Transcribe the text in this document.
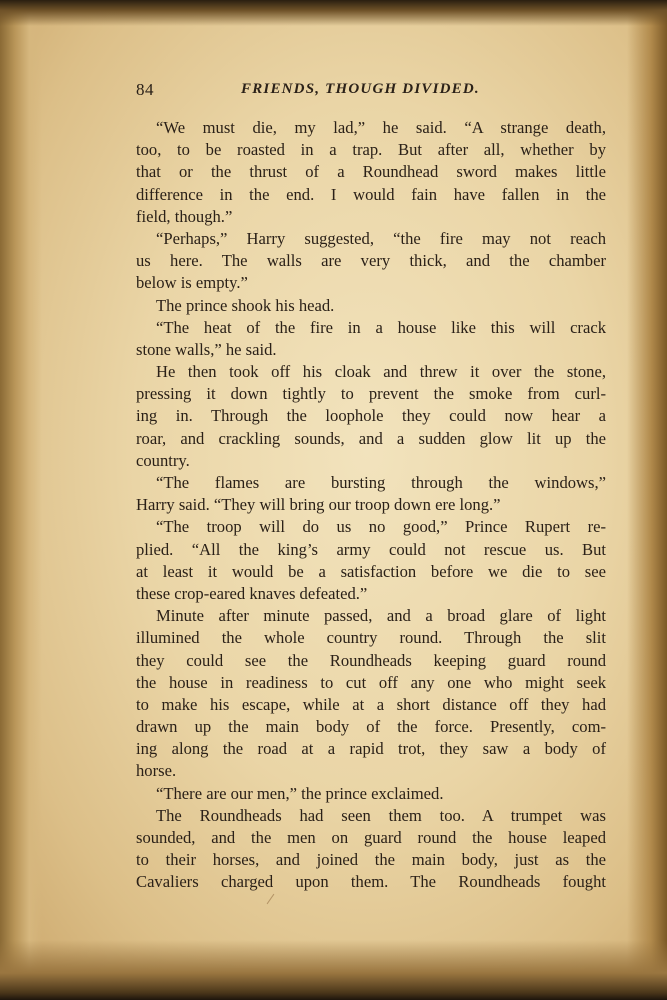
84	FRIENDS, THOUGH DIVIDED.
“We must die, my lad,” he said. “A strange death,
too, to be roasted in a trap. But after all, whether by
that or the thrust of a Roundhead sword makes little
difference in the end. I would fain have fallen in the
field, though.”
“Perhaps,” Harry suggested, “the fire may not reach
us here. The walls are very thick, and the chamber
below is empty.”
The prince shook his head.
“The heat of the fire in a house like this will crack
stone walls,” he said.
He then took off his cloak and threw it over the stone,
pressing it down tightly to prevent the smoke from curl-
ing in. Through the loophole they could now hear a
roar, and crackling sounds, and a sudden glow lit up the
country.
“The flames are bursting through the windows,”
Harry said. “They will bring our troop down ere long.”
“The troop will do us no good,” Prince Rupert re-
plied. “All the king’s army could not rescue us. But
at least it would be a satisfaction before we die to see
these crop-eared knaves defeated.”
Minute after minute passed, and a broad glare of light
illumined the whole country round. Through the slit
they could see the Roundheads keeping guard round
the house in readiness to cut off any one who might seek
to make his escape, while at a short distance off they had
drawn up the main body of the force. Presently, com-
ing along the road at a rapid trot, they saw a body of
horse.
“There are our men,” the prince exclaimed.
The Roundheads had seen them too. A trumpet was
sounded, and the men on guard round the house leaped
to their horses, and joined the main body, just as the
Cavaliers charged upon them. The Roundheads fought
